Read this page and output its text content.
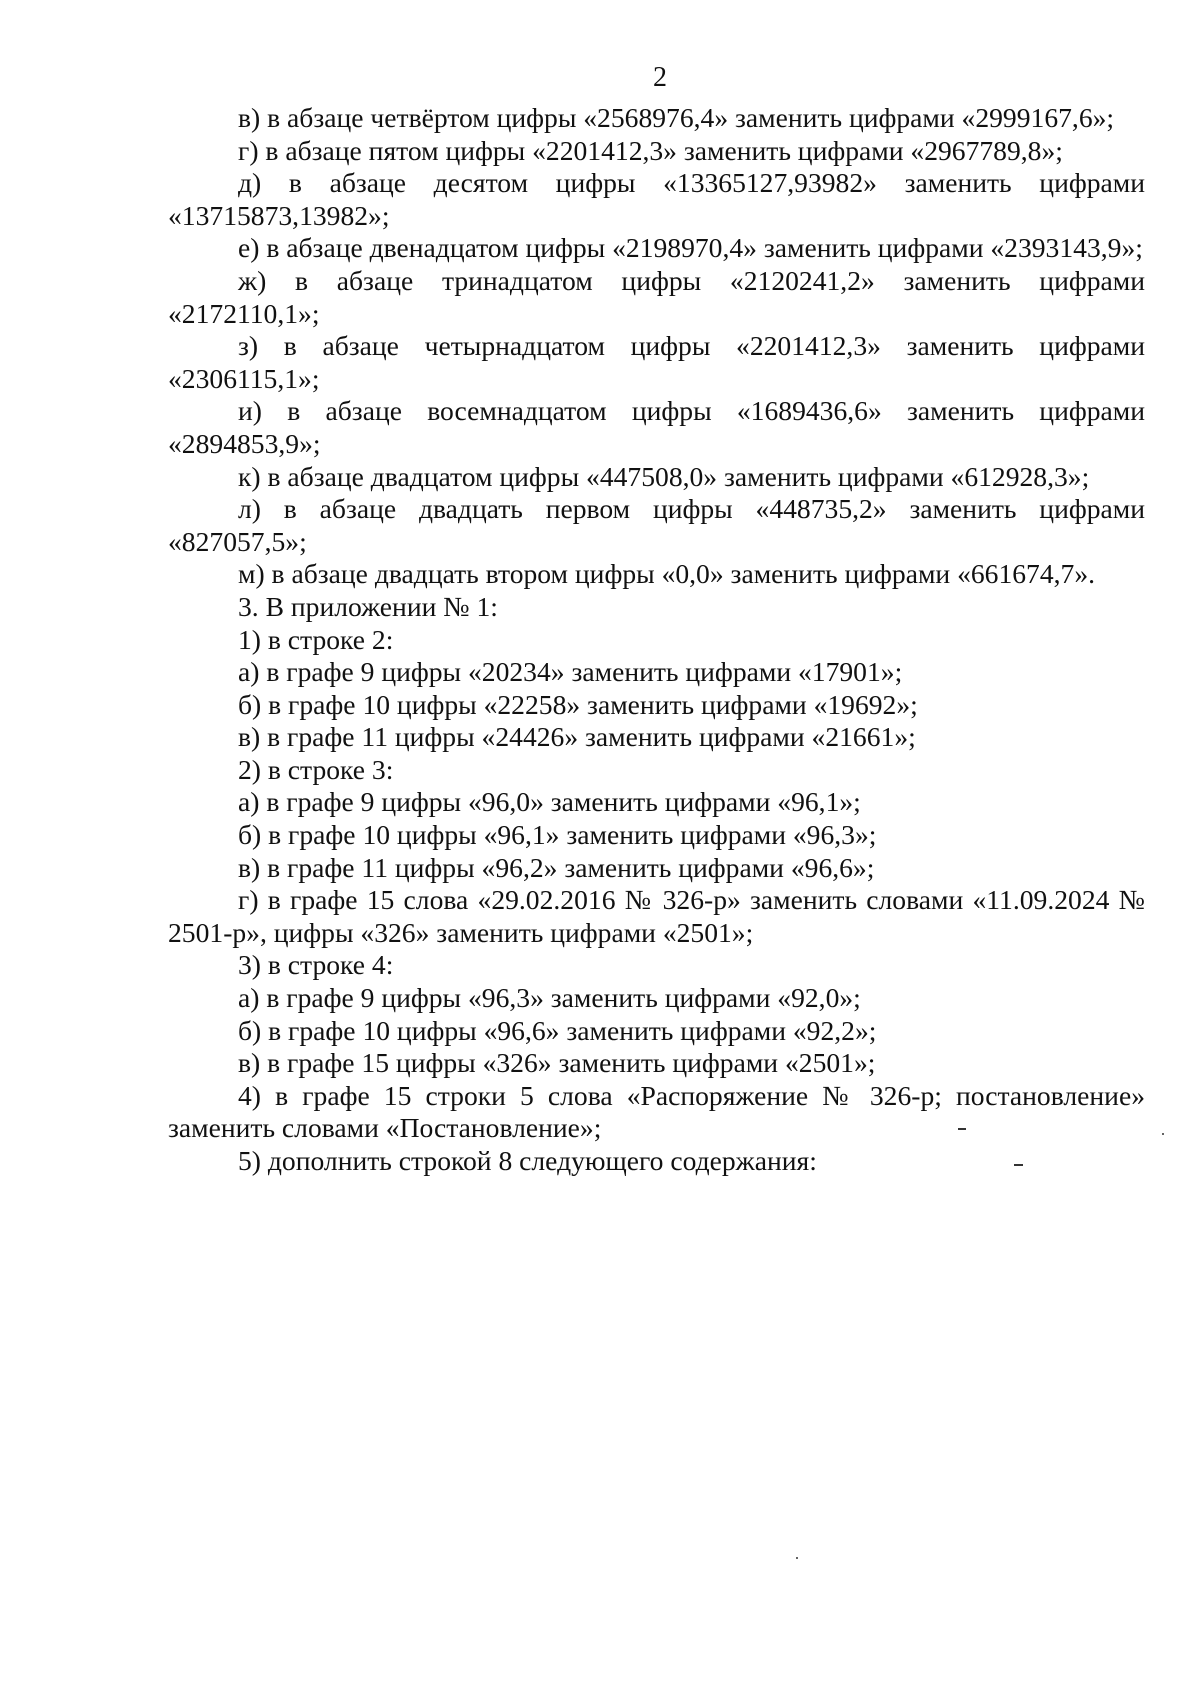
2

в) в абзаце четвёртом цифры «2568976,4» заменить цифрами «2999167,6»;

г) в абзаце пятом цифры «2201412,3» заменить цифрами «2967789,8»;

д) в абзаце десятом цифры «13365127,93982» заменить цифрами «13715873,13982»;

е) в абзаце двенадцатом цифры «2198970,4» заменить цифрами «2393143,9»;

ж) в абзаце тринадцатом цифры «2120241,2» заменить цифрами «2172110,1»;

з) в абзаце четырнадцатом цифры «2201412,3» заменить цифрами «2306115,1»;

и) в абзаце восемнадцатом цифры «1689436,6» заменить цифрами «2894853,9»;

к) в абзаце двадцатом цифры «447508,0» заменить цифрами «612928,3»;

л) в абзаце двадцать первом цифры «448735,2» заменить цифрами «827057,5»;

м) в абзаце двадцать втором цифры «0,0» заменить цифрами «661674,7».

3. В приложении № 1:

1) в строке 2:

а) в графе 9 цифры «20234» заменить цифрами «17901»;

б) в графе 10 цифры «22258» заменить цифрами «19692»;

в) в графе 11 цифры «24426» заменить цифрами «21661»;

2) в строке 3:

а) в графе 9 цифры «96,0» заменить цифрами «96,1»;

б) в графе 10 цифры «96,1» заменить цифрами «96,3»;

в) в графе 11 цифры «96,2» заменить цифрами «96,6»;

г) в графе 15 слова «29.02.2016 № 326-р» заменить словами «11.09.2024 № 2501-р», цифры «326» заменить цифрами «2501»;

3) в строке 4:

а) в графе 9 цифры «96,3» заменить цифрами «92,0»;

б) в графе 10 цифры «96,6» заменить цифрами «92,2»;

в) в графе 15 цифры «326» заменить цифрами «2501»;

4) в графе 15 строки 5 слова «Распоряжение № 326-р; постановление» заменить словами «Постановление»;

5) дополнить строкой 8 следующего содержания:
